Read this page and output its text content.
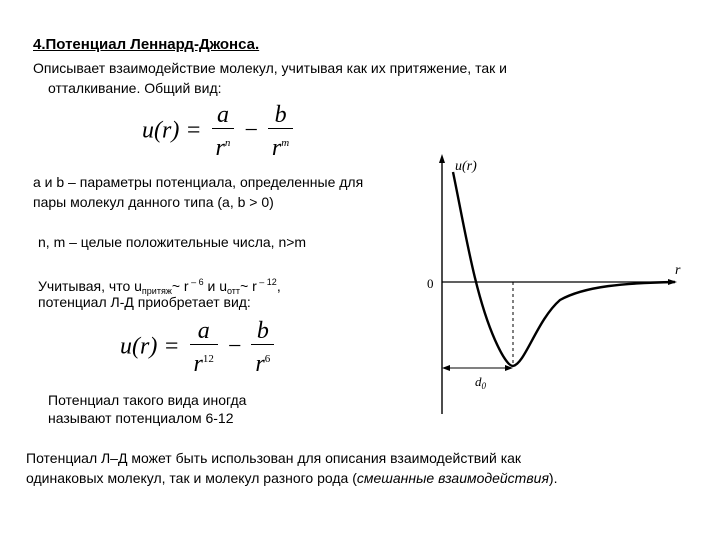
4.Потенциал Леннард-Джонса.
Описывает взаимодействие молекул, учитывая как их притяжение, так и
отталкивание. Общий вид:
$u(r) = \frac{a}{r^n} - \frac{b}{r^m}$
a и b – параметры потенциала, определенные для
пары молекул данного типа (a, b > 0)
n, m – целые положительные числа, n>m
Учитывая, что $u_{притяж}\sim$ r $^{- 6}$ и $u_{отт}\sim$ r $^{- 12}$,
потенциал Л-Д приобретает вид:
$u(r) = \frac{a}{r^{12}} - \frac{b}{r^6}$
Потенциал такого вида иногда
называют потенциалом 6-12
Потенциал Л–Д может быть использован для описания взаимодействий как
одинаковых молекул, так и молекул разного рода (смешанные взаимодействия).
u(r)
r
0
$d_0$
